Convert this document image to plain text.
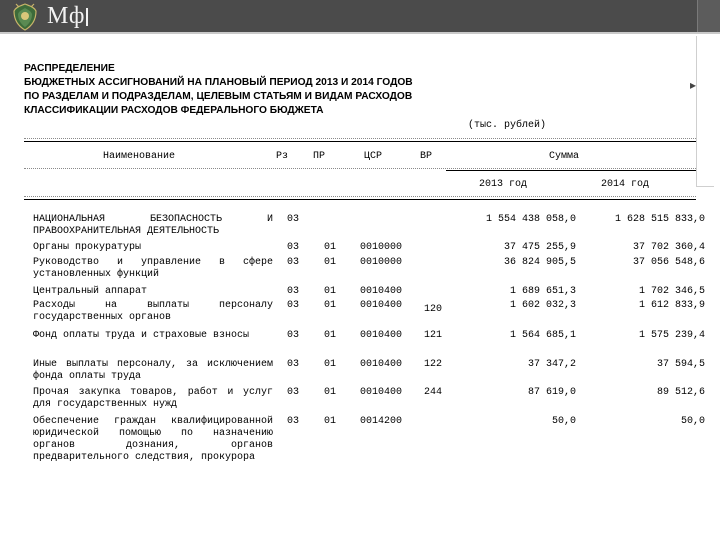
Мф
▸
РАСПРЕДЕЛЕНИЕ
БЮДЖЕТНЫХ АССИГНОВАНИЙ НА ПЛАНОВЫЙ ПЕРИОД 2013 И 2014 ГОДОВ
ПО РАЗДЕЛАМ И ПОДРАЗДЕЛАМ, ЦЕЛЕВЫМ СТАТЬЯМ И ВИДАМ РАСХОДОВ
КЛАССИФИКАЦИИ РАСХОДОВ ФЕДЕРАЛЬНОГО БЮДЖЕТА
(тыс. рублей)
Наименование	Рз ПР	ЦСР	ВР	Сумма
2013 год	2014 год
НАЦИОНАЛЬНАЯ БЕЗОПАСНОСТЬ И ПРАВООХРАНИТЕЛЬНАЯ ДЕЯТЕЛЬНОСТЬ
03	1 554 438 058,0	1 628 515 833,0
Органы прокуратуры	03 01 0010000	37 475 255,9	37 702 360,4
Руководство и управление в сфере установленных функций
03 01 0010000	36 824 905,5	37 056 548,6
Центральный аппарат	03 01 0010400	1 689 651,3	1 702 346,5
Расходы на выплаты персоналу государственных органов
03 01 0010400 120	1 602 032,3	1 612 833,9
Фонд оплаты труда и страховые взносы	03 01 0010400 121	1 564 685,1	1 575 239,4
Иные выплаты персоналу, за исключением фонда оплаты труда
03 01 0010400 122	37 347,2	37 594,5
Прочая закупка товаров, работ и услуг для государственных нужд
03 01 0010400 244	87 619,0	89 512,6
Обеспечение граждан квалифицированной юридической помощью по назначению органов дознания, органов предварительного следствия, прокурора
03 01 0014200	50,0	50,0
